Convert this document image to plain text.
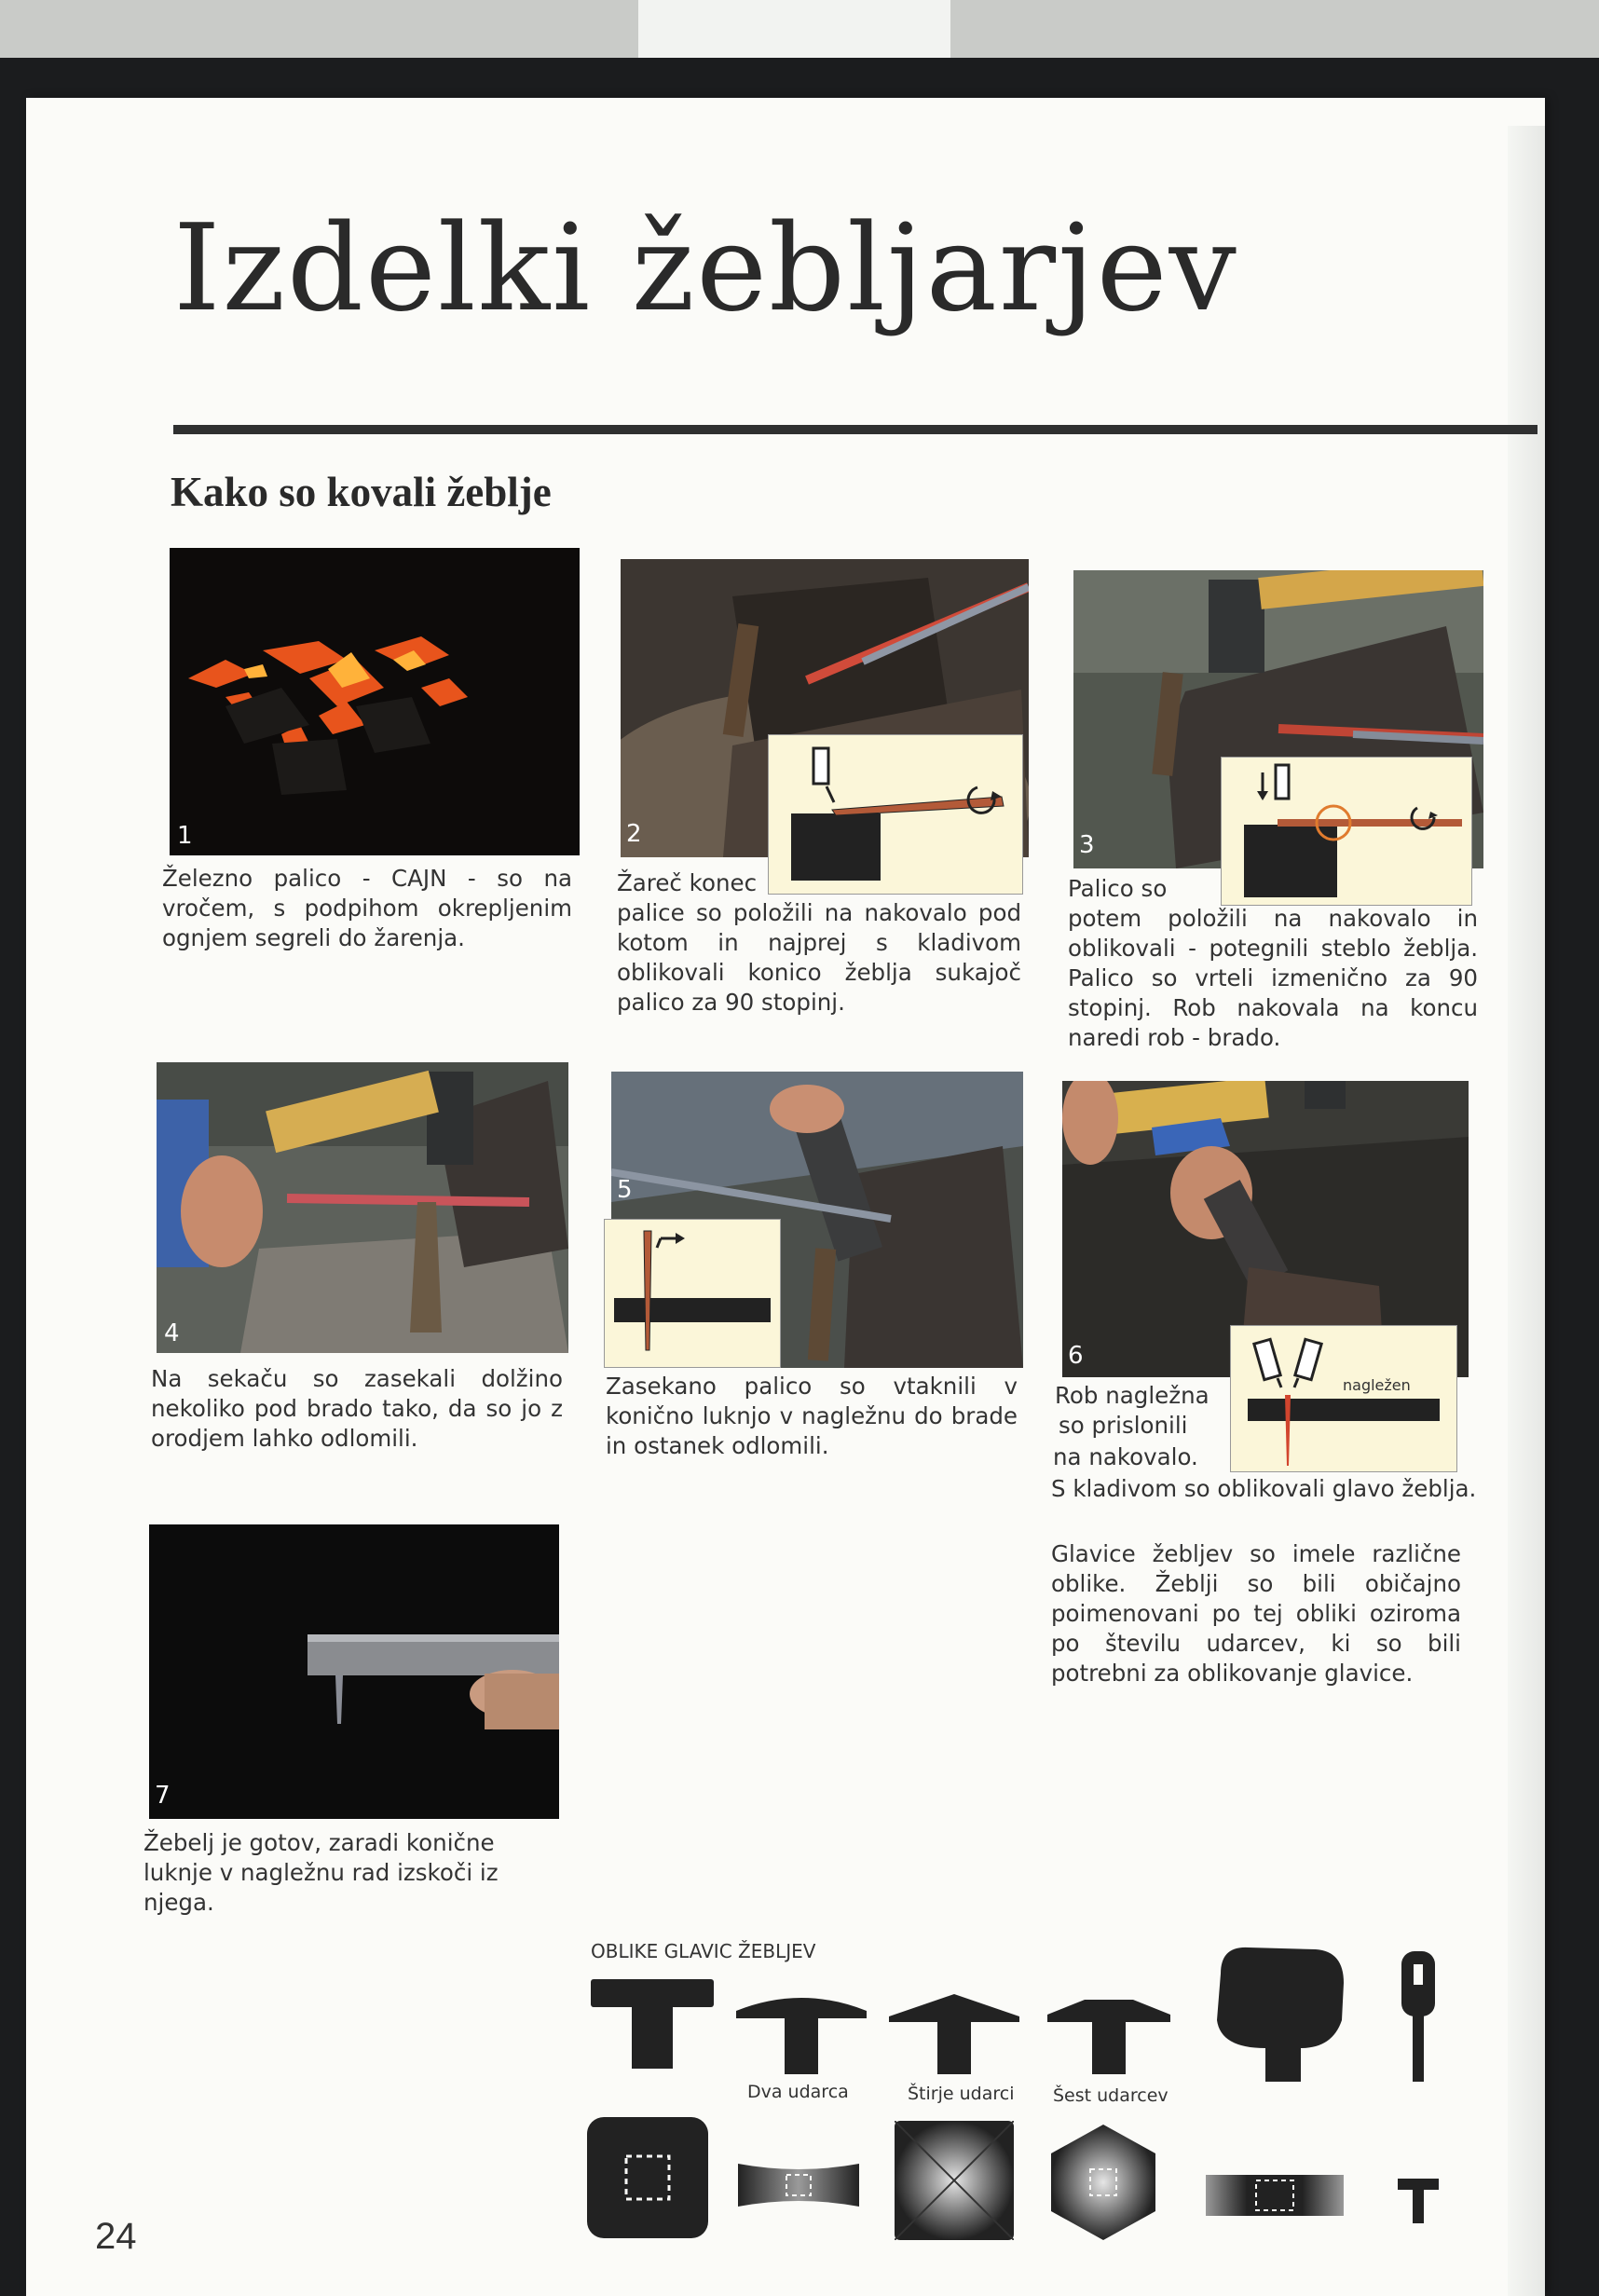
Izdelki žebljarjev
Kako so kovali žeblje
1

Železno palico - CAJN - so na vročem, s podpihom okrepljenim ognjem segreli do žarenja.

2

Žareč konec

palice so položili na nakovalo pod kotom in najprej s kladivom oblikovali konico žeblja sukajoč palico za 90 stopinj.

3

Palico so

potem položili na nakovalo in oblikovali - potegnili steblo žeblja. Palico so vrteli izmenično za 90 stopinj. Rob nakovala na koncu naredi rob - brado.

4

Na sekaču so zasekali dolžino nekoliko pod brado tako, da so jo z orodjem lahko odlomili.

5

Zasekano palico so vtaknili v konično luknjo v nagležnu do brade in ostanek odlomili.

6
nagležen

Rob nagležna

so prislonili

na nakovalo.

S kladivom so oblikovali glavo žeblja.

Glavice žebljev so imele različne oblike. Žeblji so bili običajno poimenovani po tej obliki oziroma po številu udarcev, ki so bili potrebni za oblikovanje glavice.

7

Žebelj je gotov, zaradi konične luknje v nagležnu rad izskoči iz njega.

OBLIKE GLAVIC ŽEBLJEV

Dva udarca	Štirje udarci Šest udarcev

24
